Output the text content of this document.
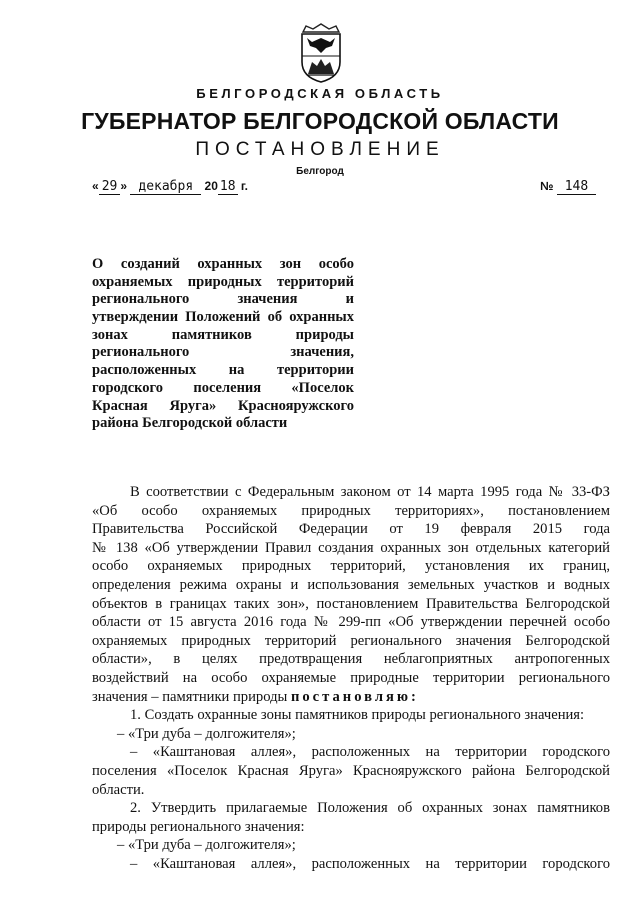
БЕЛГОРОДСКАЯ ОБЛАСТЬ
ГУБЕРНАТОР БЕЛГОРОДСКОЙ ОБЛАСТИ
ПОСТАНОВЛЕНИЕ
Белгород
« 29 » декабря 20 18 г.	№ 148
О созданий охранных зон особо
охраняемых природных территорий
регионального значения и
утверждении Положений об охранных
зонах памятников природы
регионального значения,
расположенных на территории
городского поселения «Поселок
Красная Яруга» Краснояружского
района Белгородской области
В соответствии с Федеральным законом от 14 марта 1995 года № 33-ФЗ
«Об особо охраняемых природных территориях», постановлением
Правительства Российской Федерации от 19 февраля 2015 года
№ 138 «Об утверждении Правил создания охранных зон отдельных категорий
особо охраняемых природных территорий, установления их границ,
определения режима охраны и использования земельных участков и водных
объектов в границах таких зон», постановлением Правительства Белгородской
области от 15 августа 2016 года № 299-пп «Об утверждении перечней особо
охраняемых природных территорий регионального значения Белгородской
области», в целях предотвращения неблагоприятных антропогенных
воздействий на особо охраняемые природные территории регионального
значения – памятники природы постановляю:
1. Создать охранные зоны памятников природы регионального значения:
– «Три дуба – долгожителя»;
– «Каштановая аллея», расположенных на территории городского
поселения «Поселок Красная Яруга» Краснояружского района Белгородской
области.
2. Утвердить прилагаемые Положения об охранных зонах памятников
природы регионального значения:
– «Три дуба – долгожителя»;
– «Каштановая аллея», расположенных на территории городского
